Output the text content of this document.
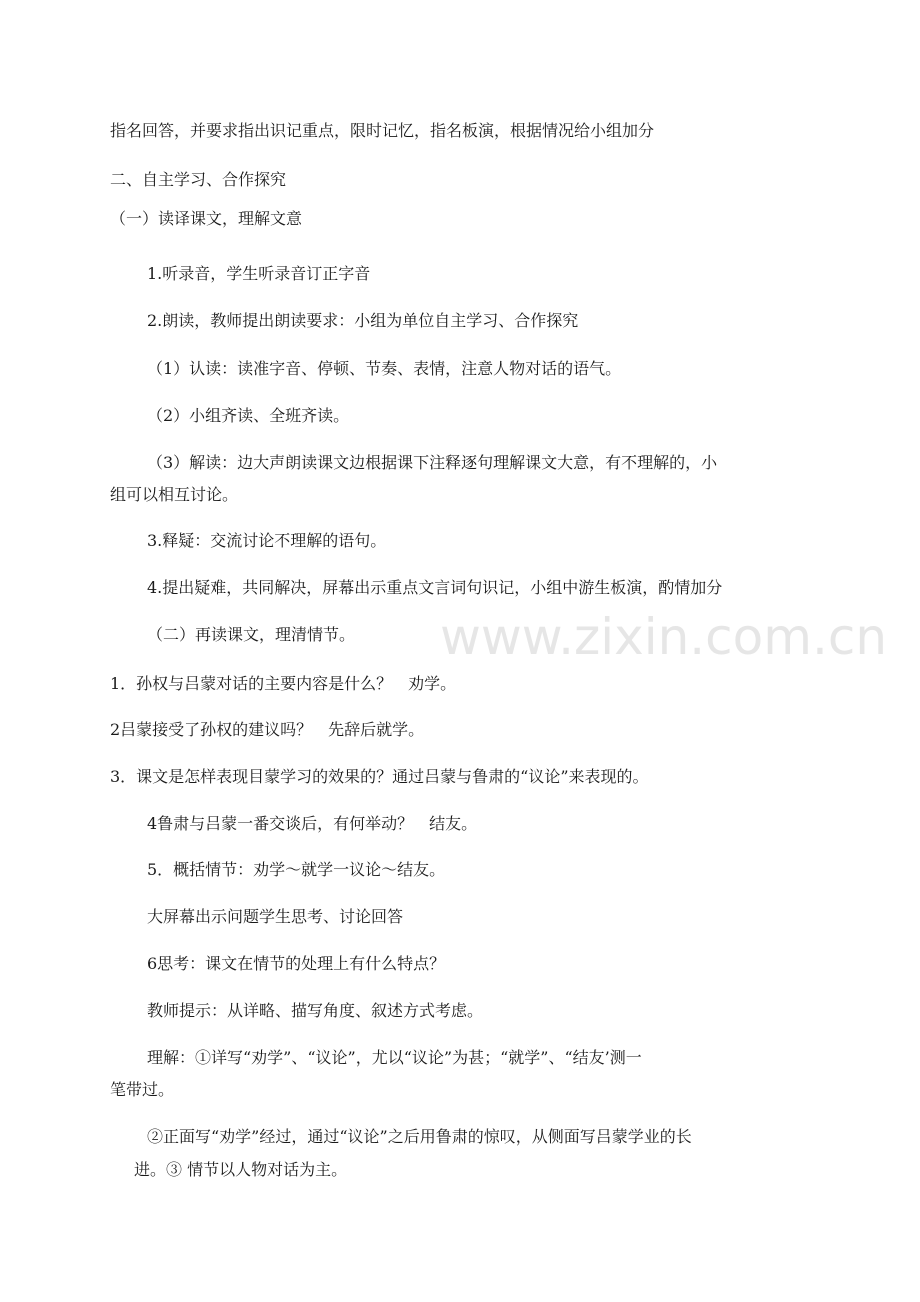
www.zixin.com.cn
指名回答，并要求指出识记重点，限时记忆，指名板演，根据情况给小组加分
二、自主学习、合作探究
（一）读译课文，理解文意
1.听录音，学生听录音订正字音
2.朗读，教师提出朗读要求：小组为单位自主学习、合作探究
（1）认读：读准字音、停顿、节奏、表情，注意人物对话的语气。
（2）小组齐读、全班齐读。
（3）解读：边大声朗读课文边根据课下注释逐句理解课文大意，有不理解的，小
组可以相互讨论。
3.释疑：交流讨论不理解的语句。
4.提出疑难，共同解决，屏幕出示重点文言词句识记，小组中游生板演，酌情加分
（二）再读课文，理清情节。
1．孙权与吕蒙对话的主要内容是什么？　劝学。
2吕蒙接受了孙权的建议吗？　先辞后就学。
3．课文是怎样表现目蒙学习的效果的？通过吕蒙与鲁肃的“议论”来表现的。
4鲁肃与吕蒙一番交谈后，有何举动？　结友。
5．概括情节：劝学～就学一议论～结友。
大屏幕出示问题学生思考、讨论回答
6思考：课文在情节的处理上有什么特点？
教师提示：从详略、描写角度、叙述方式考虑。
理解：①详写“劝学”、“议论”，尤以“议论”为甚；“就学”、“结友’测一
笔带过。
②正面写“劝学”经过，通过“议论”之后用鲁肃的惊叹，从侧面写吕蒙学业的长
进。③ 情节以人物对话为主。
